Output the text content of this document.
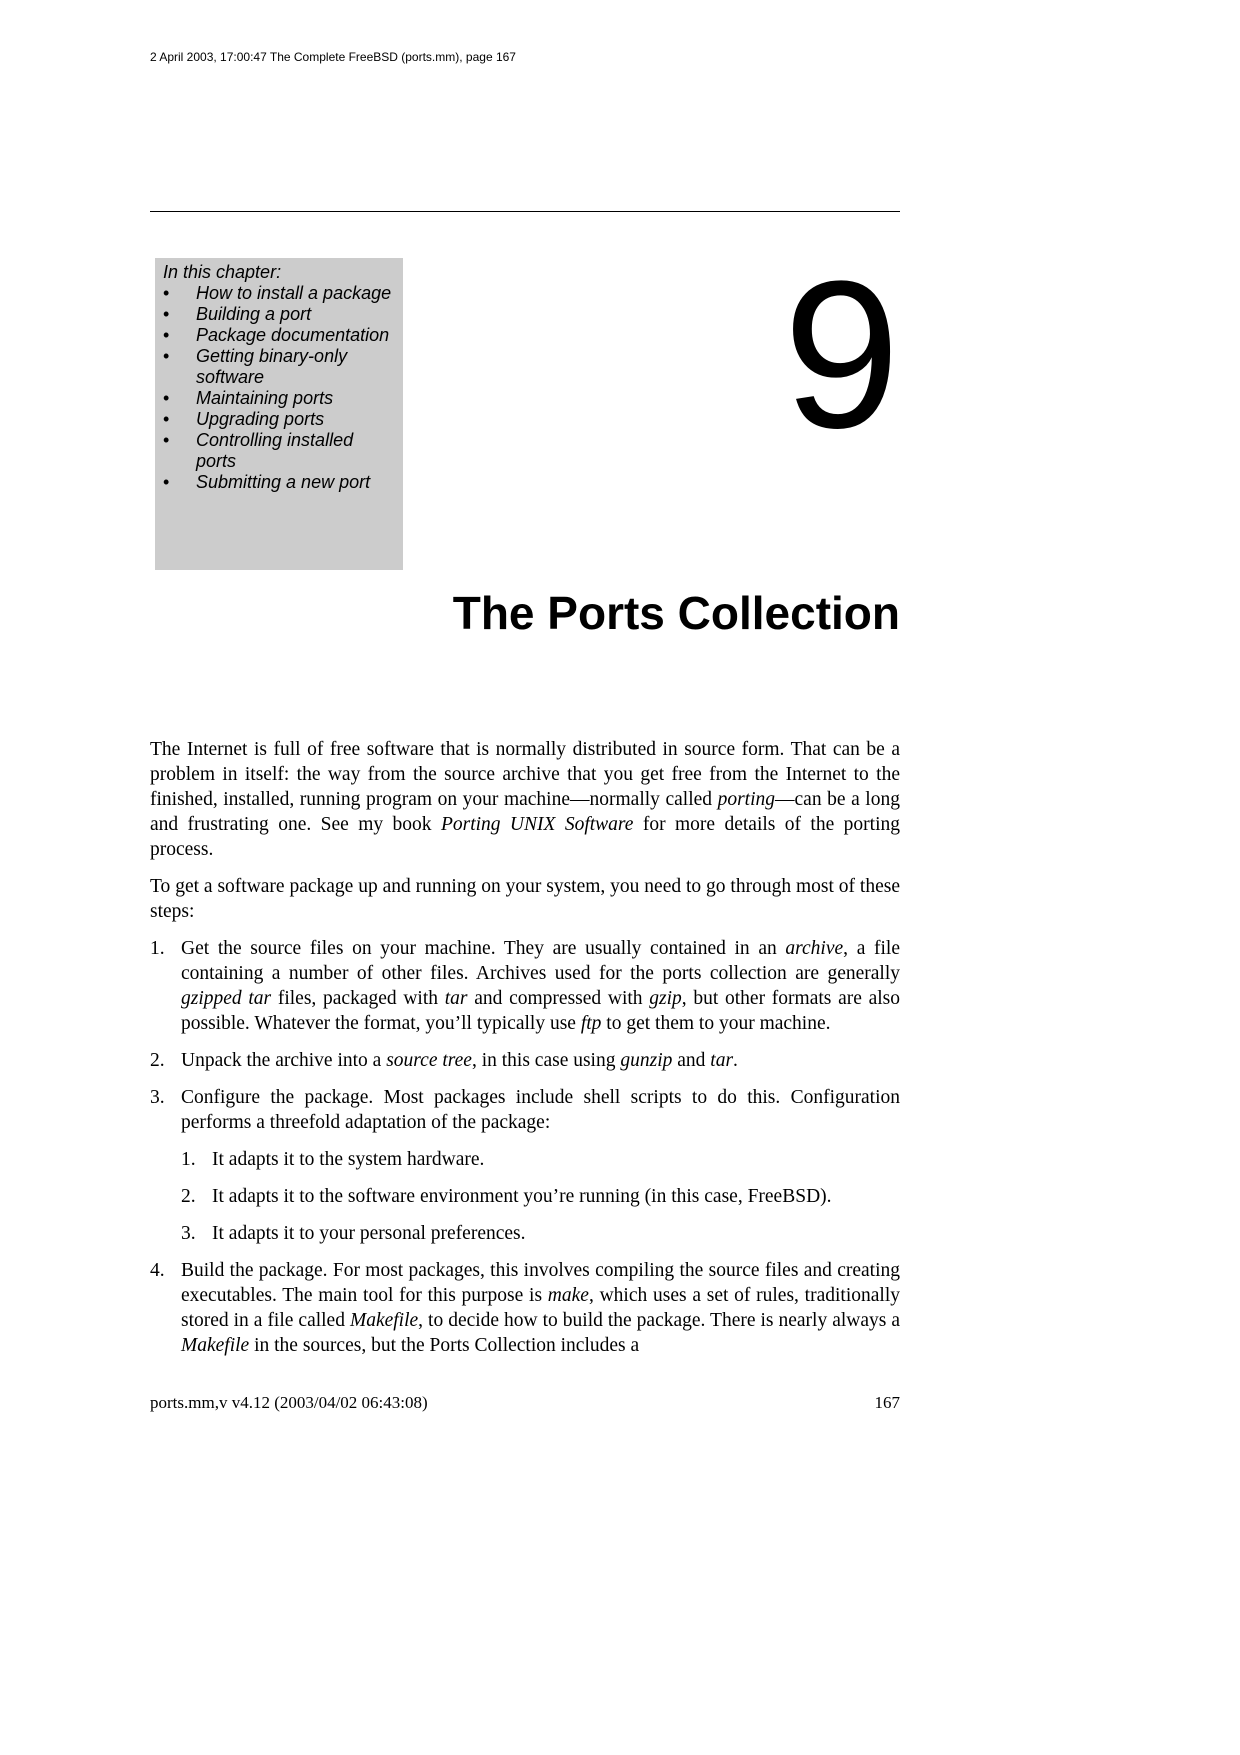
2 April 2003, 17:00:47 The Complete FreeBSD (ports.mm), page 167
In this chapter:
• How to install a package
• Building a port
• Package documentation
• Getting binary-only software
• Maintaining ports
• Upgrading ports
• Controlling installed ports
• Submitting a new port
9
The Ports Collection

The Internet is full of free software that is normally distributed in source form. That can be a problem in itself: the way from the source archive that you get free from the Internet to the finished, installed, running program on your machine—normally called porting—can be a long and frustrating one. See my book Porting UNIX Software for more details of the porting process.

To get a software package up and running on your system, you need to go through most of these steps:

1. Get the source files on your machine. They are usually contained in an archive, a file containing a number of other files. Archives used for the ports collection are generally gzipped tar files, packaged with tar and compressed with gzip, but other formats are also possible. Whatever the format, you’ll typically use ftp to get them to your machine.
2. Unpack the archive into a source tree, in this case using gunzip and tar.
3. Configure the package. Most packages include shell scripts to do this. Configuration performs a threefold adaptation of the package:
1. It adapts it to the system hardware.
2. It adapts it to the software environment you’re running (in this case, FreeBSD).
3. It adapts it to your personal preferences.
4. Build the package. For most packages, this involves compiling the source files and creating executables. The main tool for this purpose is make, which uses a set of rules, traditionally stored in a file called Makefile, to decide how to build the package. There is nearly always a Makefile in the sources, but the Ports Collection includes a
ports.mm,v v4.12 (2003/04/02 06:43:08)	167
